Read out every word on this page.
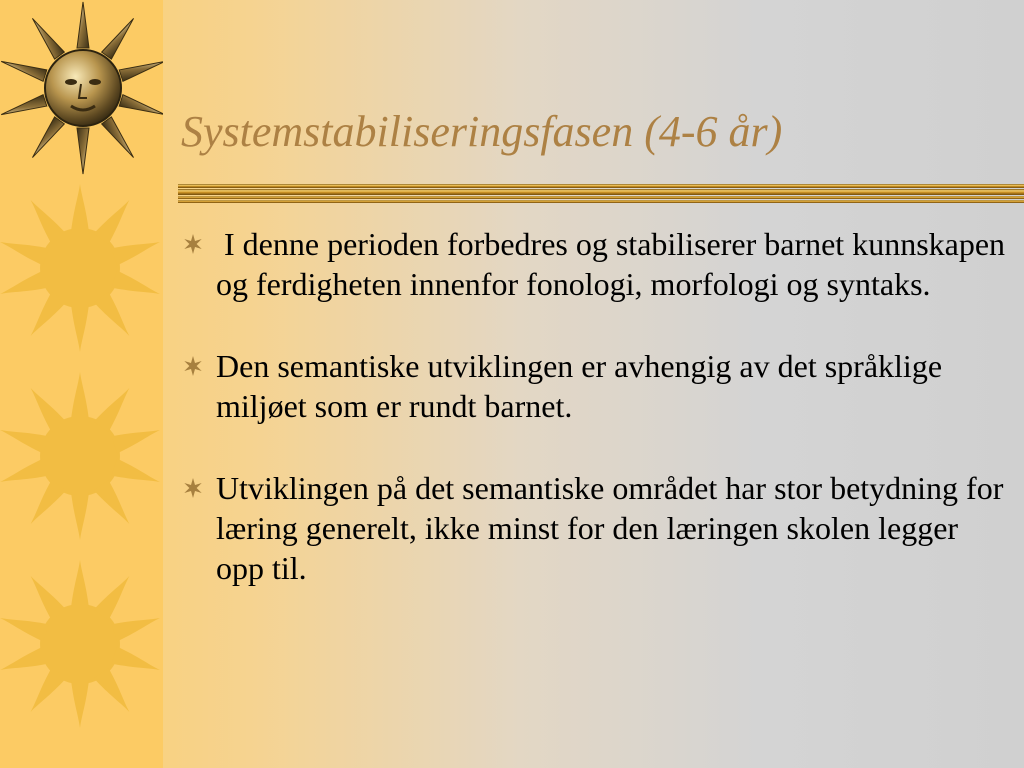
Systemstabiliseringsfasen (4-6 år)
I denne perioden forbedres og stabiliserer barnet kunnskapen og ferdigheten innenfor fonologi, morfologi og syntaks.
Den semantiske utviklingen er avhengig av det språklige miljøet som er rundt barnet.
Utviklingen på det semantiske området har stor betydning for læring generelt, ikke minst for den læringen skolen legger opp til.
